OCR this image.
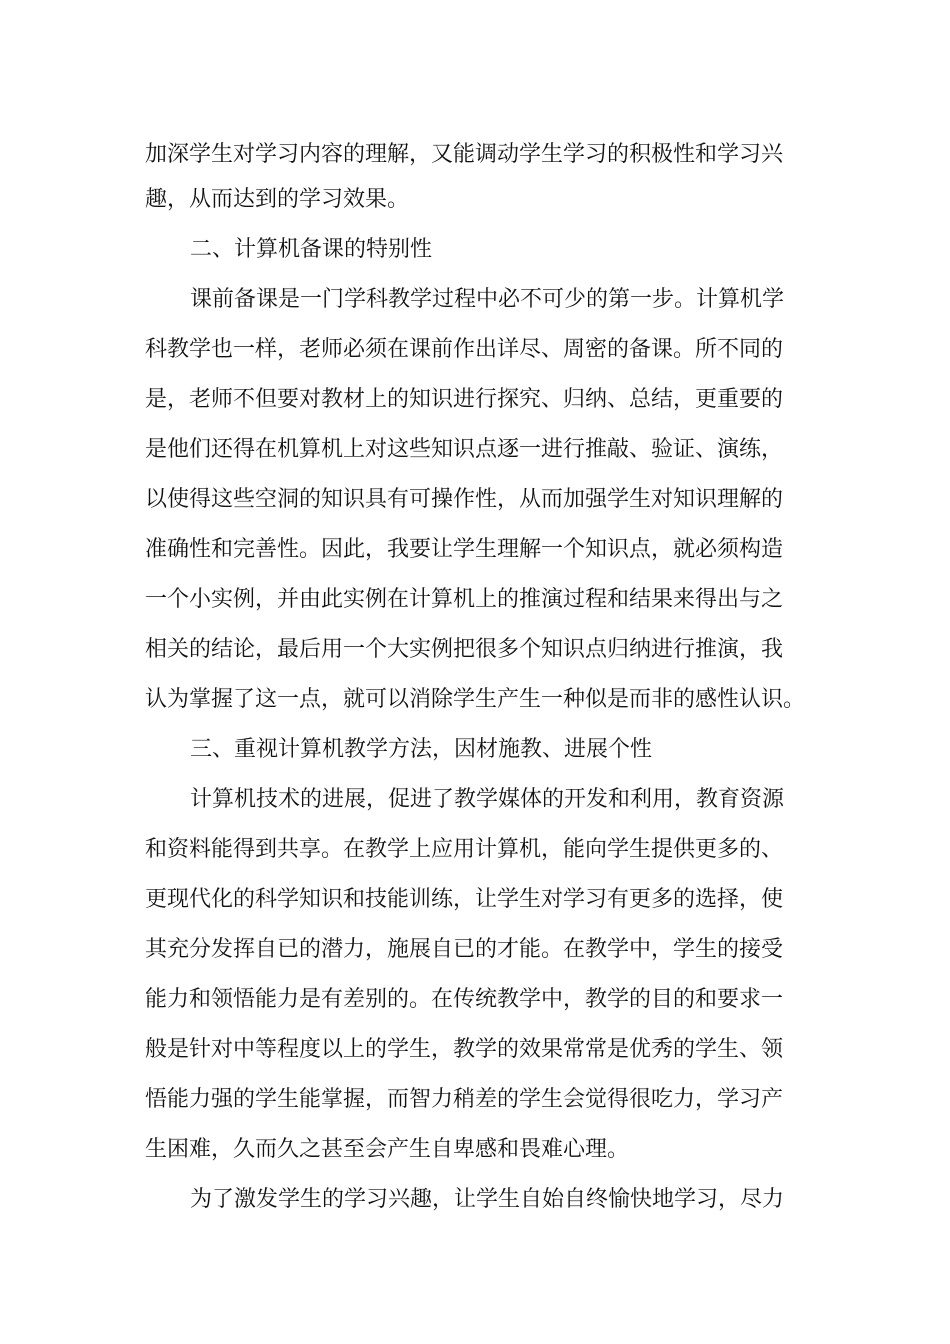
加深学生对学习内容的理解，又能调动学生学习的积极性和学习兴
趣，从而达到的学习效果。
二、计算机备课的特别性
课前备课是一门学科教学过程中必不可少的第一步。计算机学
科教学也一样，老师必须在课前作出详尽、周密的备课。所不同的
是，老师不但要对教材上的知识进行探究、归纳、总结，更重要的
是他们还得在机算机上对这些知识点逐一进行推敲、验证、演练，
以使得这些空洞的知识具有可操作性，从而加强学生对知识理解的
准确性和完善性。因此，我要让学生理解一个知识点，就必须构造
一个小实例，并由此实例在计算机上的推演过程和结果来得出与之
相关的结论，最后用一个大实例把很多个知识点归纳进行推演，我
认为掌握了这一点，就可以消除学生产生一种似是而非的感性认识。
三、重视计算机教学方法，因材施教、进展个性
计算机技术的进展，促进了教学媒体的开发和利用，教育资源
和资料能得到共享。在教学上应用计算机，能向学生提供更多的、
更现代化的科学知识和技能训练，让学生对学习有更多的选择，使
其充分发挥自已的潜力，施展自已的才能。在教学中，学生的接受
能力和领悟能力是有差别的。在传统教学中，教学的目的和要求一
般是针对中等程度以上的学生，教学的效果常常是优秀的学生、领
悟能力强的学生能掌握，而智力稍差的学生会觉得很吃力，学习产
生困难，久而久之甚至会产生自卑感和畏难心理。
为了激发学生的学习兴趣，让学生自始自终愉快地学习，尽力
